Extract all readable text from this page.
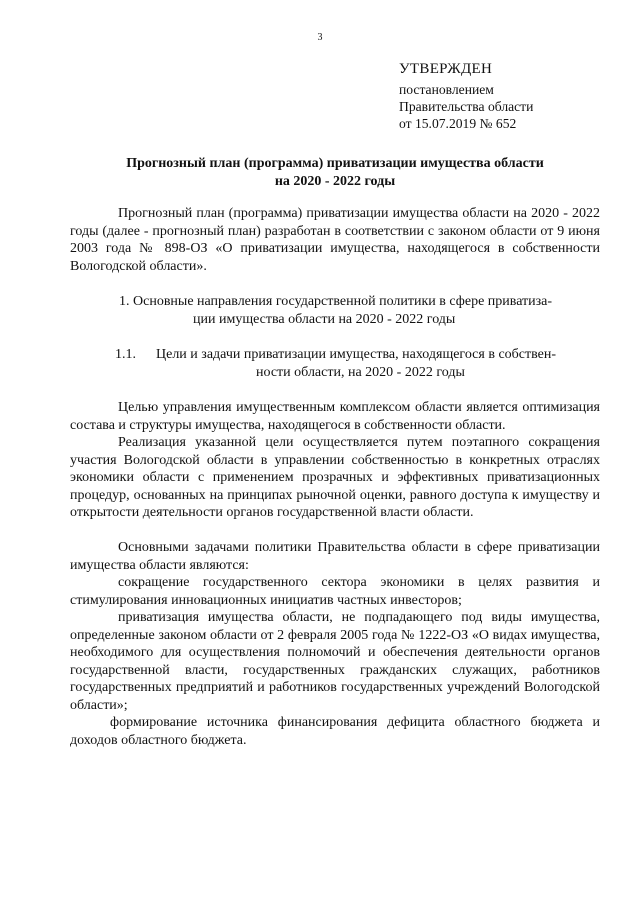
3
УТВЕРЖДЕН
постановлением
Правительства области
от 15.07.2019 № 652
Прогнозный план (программа) приватизации имущества области
на 2020 - 2022 годы
Прогнозный план (программа) приватизации имущества области на 2020 - 2022 годы (далее - прогнозный план) разработан в соответствии с законом области от 9 июня 2003 года № 898-ОЗ «О приватизации имущества, находящегося в собственности Вологодской области».
1. Основные направления государственной политики в сфере приватиза-
ции имущества области на 2020 - 2022 годы
1.1. Цели и задачи приватизации имущества, находящегося в собствен-
ности области, на 2020 - 2022 годы
Целью управления имущественным комплексом области является оптимизация состава и структуры имущества, находящегося в собственности области.
Реализация указанной цели осуществляется путем поэтапного сокращения участия Вологодской области в управлении собственностью в конкретных отраслях экономики области с применением прозрачных и эффективных приватизационных процедур, основанных на принципах рыночной оценки, равного доступа к имуществу и открытости деятельности органов государственной власти области.
Основными задачами политики Правительства области в сфере приватизации имущества области являются:
сокращение государственного сектора экономики в целях развития и стимулирования инновационных инициатив частных инвесторов;
приватизация имущества области, не подпадающего под виды имущества, определенные законом области от 2 февраля 2005 года № 1222-ОЗ «О видах имущества, необходимого для осуществления полномочий и обеспечения деятельности органов государственной власти, государственных гражданских служащих, работников государственных предприятий и работников государственных учреждений Вологодской области»;
формирование источника финансирования дефицита областного бюджета и доходов областного бюджета.
